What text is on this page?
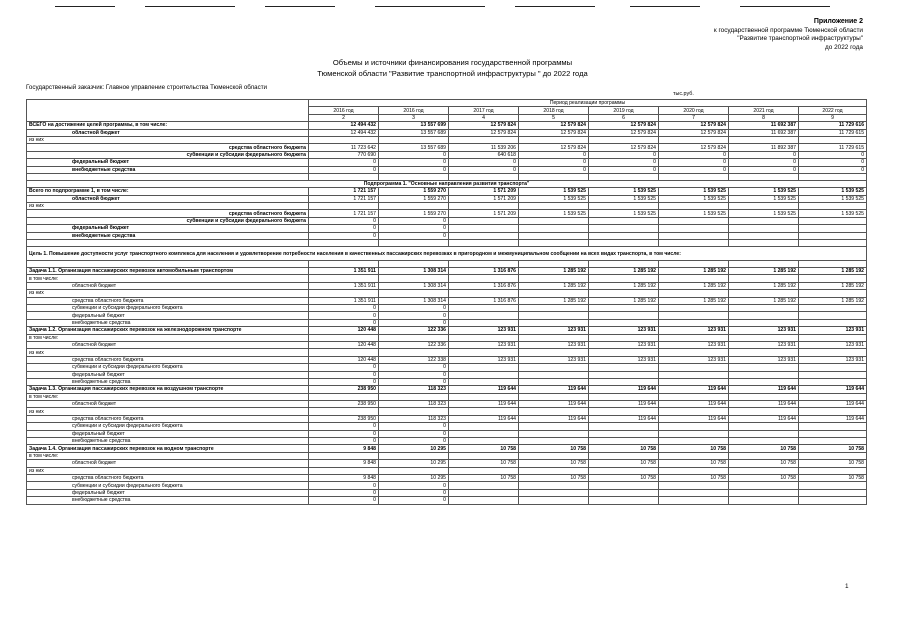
Приложение 2
к государственной программе Тюменской области
"Развитие транспортной инфраструктуры"
до 2022 года
Объемы и источники финансирования государственной программы
Тюменской области "Развитие транспортной инфраструктуры " до 2022 года
Государственный заказчик: Главное управление строительства Тюменской области
тыс.руб.
	Период реализации программы							
	2016 год	2016 год	2017 год	2018 год	2019 год	2020 год	2021 год	2022 год
	2	3	4	5	6	7	8	9
ВСЕГО на достижение целей программы, в том числе:	12 494 432	13 557 699	12 579 824	12 579 824	12 579 824	12 579 824	11 692 387	11 729 616
областной бюджет	12 494 432	13 557 689	12 579 824	12 579 824	12 579 824	12 579 824	11 692 387	11 729 615
из них								
средства областного бюджета	11 723 642	13 557 689	11 539 206	12 579 824	12 579 824	12 579 824	11 892 387	11 729 615
субвенции и субсидии федерального бюджета	770 690	0	640 618	0	0	0	0	0
федеральный бюджет	0	0	0	0	0	0	0	0
внебюджетные средства	0	0	0	0	0	0	0	0

Подпрограмма 1. "Основные направления развития транспорта"								
Всего по подпрограмме 1, в том числе:	1 721 157	1 559 270	1 571 209	1 539 525	1 539 525	1 539 525	1 539 525	1 539 525
областной бюджет	1 721 157	1 559 270	1 571 209	1 539 525	1 539 525	1 539 525	1 539 525	1 539 525
из них								
средства областного бюджета	1 721 157	1 559 270	1 571 209	1 539 525	1 539 525	1 539 525	1 539 525	1 539 525
субвенции и субсидии федерального бюджета	0	0						
федеральный бюджет	0	0						
внебюджетные средства	0	0						

Цель 1. Повышение доступности услуг транспортного комплекса для населения и удовлетворение потребности населения в качественных пассажирских перевозках в пригородном и межмуниципальном сообщении на всех видах транспорта, в том числе:								

Задача 1.1. Организация пассажирских перевозок автомобильным транспортом	1 351 911	1 308 314	1 316 876	1 285 192	1 285 192	1 285 192	1 285 192	1 285 192
в том числе:								
областной бюджет	1 351 911	1 308 314	1 316 876	1 285 192	1 285 192	1 285 192	1 285 192	1 285 192
из них								
средства областного бюджета	1 351 911	1 308 314	1 316 876	1 285 192	1 285 192	1 285 192	1 285 192	1 285 192
субвенции и субсидии федерального бюджета	0	0						
федеральный бюджет	0	0						
внебюджетные средства	0	0						
Задача 1.2. Организация пассажирских перевозок на железнодорожном транспорте	120 448	122 336	123 931	123 931	123 931	123 931	123 931	123 931
в том числе:								
областной бюджет	120 448	122 336	123 931	123 931	123 931	123 931	123 931	123 931
из них								
средства областного бюджета	120 448	122 338	123 931	123 931	123 931	123 931	123 931	123 931
субвенции и субсидии федерального бюджета	0	0						
федеральный бюджет	0	0						
внебюджетные средства	0	0						
Задача 1.3. Организация пассажирских перевозок на воздушном транспорте	238 950	118 323	119 644	119 644	119 644	119 644	119 644	119 644
в том числе:								
областной бюджет	238 950	118 323	119 644	119 644	119 644	119 644	119 644	119 644
из них								
средства областного бюджета	238 950	118 323	119 644	119 644	119 644	119 644	119 644	119 644
субвенции и субсидии федерального бюджета	0	0						
федеральный бюджет	0	0						
внебюджетные средства	0	0						
Задача 1.4. Организация пассажирских перевозок на водном транспорте	9 848	10 295	10 758	10 758	10 758	10 758	10 758	10 758
в том числе:								
областной бюджет	9 848	10 295	10 758	10 758	10 758	10 758	10 758	10 758
из них								
средства областного бюджета	9 848	10 295	10 758	10 758	10 758	10 758	10 758	10 758
субвенции и субсидии федерального бюджета	0	0						
федеральный бюджет	0	0						
внебюджетные средства	0	0						
1
